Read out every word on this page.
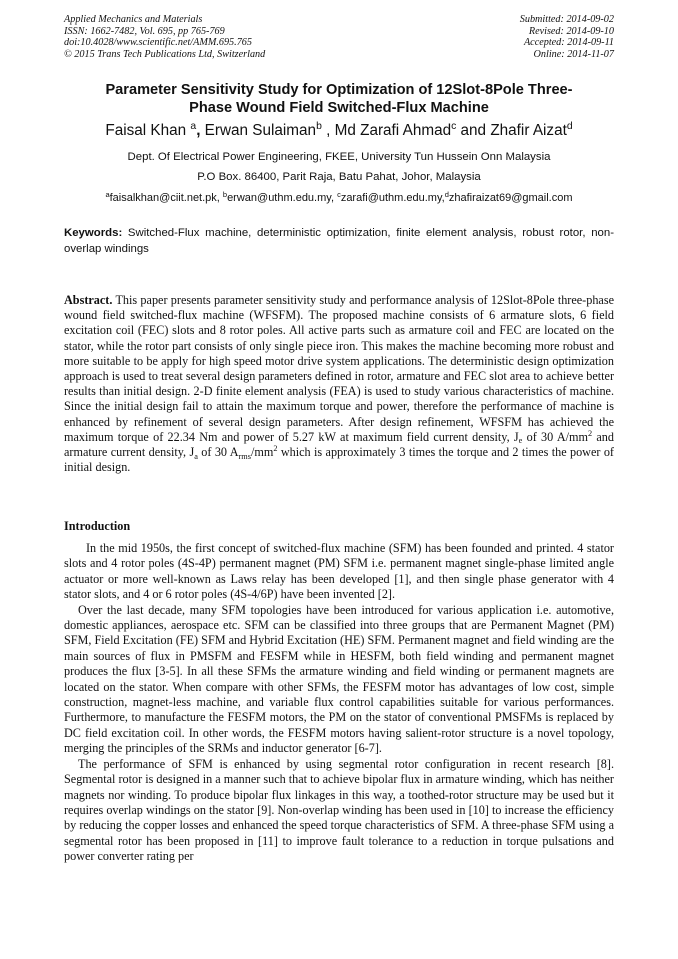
Applied Mechanics and Materials
ISSN: 1662-7482, Vol. 695, pp 765-769
doi:10.4028/www.scientific.net/AMM.695.765
© 2015 Trans Tech Publications Ltd, Switzerland
Submitted: 2014-09-02
Revised: 2014-09-10
Accepted: 2014-09-11
Online: 2014-11-07
Parameter Sensitivity Study for Optimization of 12Slot-8Pole Three-
Phase Wound Field Switched-Flux Machine
Faisal Khan $^a$, Erwan Sulaiman$^b$ , Md Zarafi Ahmad$^c$ and Zhafir Aizat$^d$
Dept. Of Electrical Power Engineering, FKEE, University Tun Hussein Onn Malaysia
P.O Box. 86400, Parit Raja, Batu Pahat, Johor, Malaysia
$^a$faisalkhan@ciit.net.pk, $^b$erwan@uthm.edu.my, $^c$zarafi@uthm.edu.my,$^d$zhafiraizat69@gmail.com
Keywords: Switched-Flux machine, deterministic optimization, finite element analysis, robust rotor, non-overlap windings
Abstract. This paper presents parameter sensitivity study and performance analysis of 12Slot-8Pole three-phase wound field switched-flux machine (WFSFM). The proposed machine consists of 6 armature slots, 6 field excitation coil (FEC) slots and 8 rotor poles. All active parts such as armature coil and FEC are located on the stator, while the rotor part consists of only single piece iron. This makes the machine becoming more robust and more suitable to be apply for high speed motor drive system applications. The deterministic design optimization approach is used to treat several design parameters defined in rotor, armature and FEC slot area to achieve better results than initial design. 2-D finite element analysis (FEA) is used to study various characteristics of machine. Since the initial design fail to attain the maximum torque and power, therefore the performance of machine is enhanced by refinement of several design parameters. After design refinement, WFSFM has achieved the maximum torque of 22.34 Nm and power of 5.27 kW at maximum field current density, $J_e$ of 30 $A/mm^2$ and armature current density, $J_a$ of 30 $A_{rms}/mm^2$ which is approximately 3 times the torque and 2 times the power of initial design.
Introduction

In the mid 1950s, the first concept of switched-flux machine (SFM) has been founded and printed. 4 stator slots and 4 rotor poles (4S-4P) permanent magnet (PM) SFM i.e. permanent magnet single-phase limited angle actuator or more well-known as Laws relay has been developed [1], and then single phase generator with 4 stator slots, and 4 or 6 rotor poles (4S-4/6P) have been invented [2].

Over the last decade, many SFM topologies have been introduced for various application i.e. automotive, domestic appliances, aerospace etc. SFM can be classified into three groups that are Permanent Magnet (PM) SFM, Field Excitation (FE) SFM and Hybrid Excitation (HE) SFM. Permanent magnet and field winding are the main sources of flux in PMSFM and FESFM while in HESFM, both field winding and permanent magnet produces the flux [3-5]. In all these SFMs the armature winding and field winding or permanent magnets are located on the stator. When compare with other SFMs, the FESFM motor has advantages of low cost, simple construction, magnet-less machine, and variable flux control capabilities suitable for various performances. Furthermore, to manufacture the FESFM motors, the PM on the stator of conventional PMSFMs is replaced by DC field excitation coil. In other words, the FESFM motors having salient-rotor structure is a novel topology, merging the principles of the SRMs and inductor generator [6-7].

The performance of SFM is enhanced by using segmental rotor configuration in recent research [8]. Segmental rotor is designed in a manner such that to achieve bipolar flux in armature winding, which has neither magnets nor winding. To produce bipolar flux linkages in this way, a toothed-rotor structure may be used but it requires overlap windings on the stator [9]. Non-overlap winding has been used in [10] to increase the efficiency by reducing the copper losses and enhanced the speed torque characteristics of SFM. A three-phase SFM using a segmental rotor has been proposed in [11] to improve fault tolerance to a reduction in torque pulsations and power converter rating per
